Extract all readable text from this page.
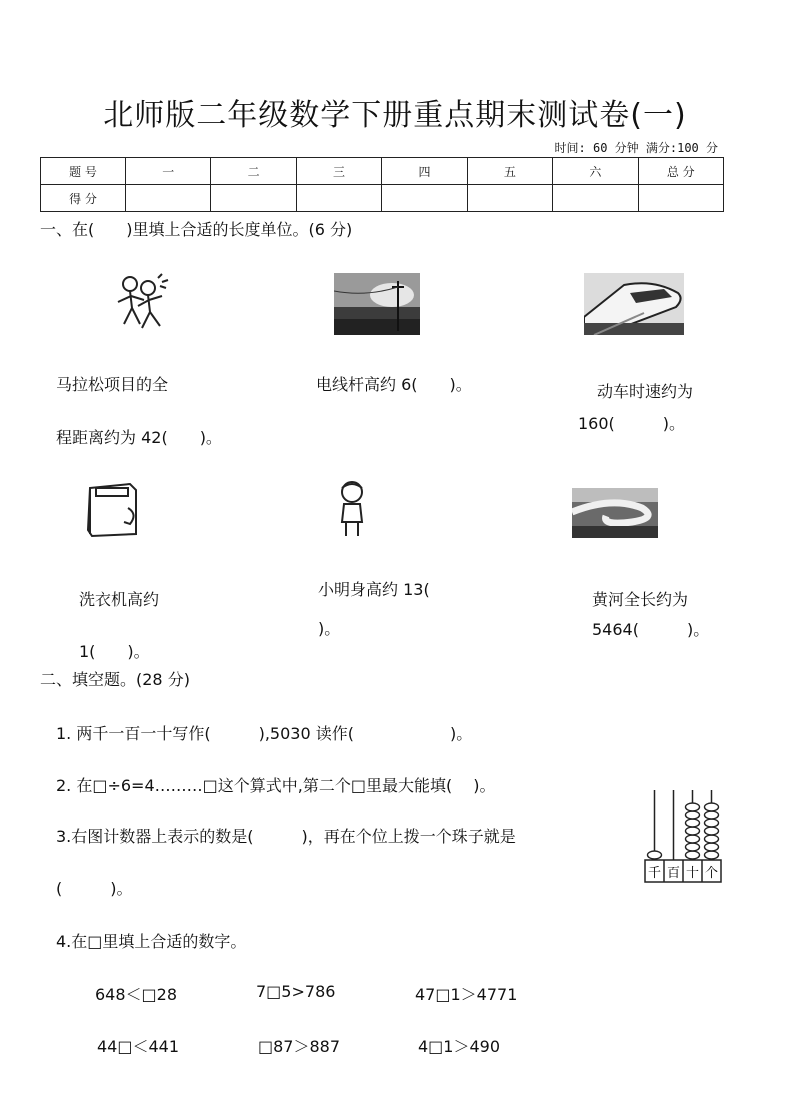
北师版二年级数学下册重点期末测试卷(一)
时间: 60 分钟 满分:100 分
题 号	一	二	三	四	五	六	总 分
得 分							
一、在(　　)里填上合适的长度单位。(6 分)
马拉松项目的全
程距离约为 42(　　)。
电线杆高约 6(　　)。	动车时速约为
160(　　　)。
洗衣机高约
1(　　)。
小明身高约 13(
)。
黄河全长约为
5464(　　　)。
二、填空题。(28 分)
1. 两千一百一十写作(　　　),5030 读作(　　　　　　)。
2. 在□÷6=4………□这个算式中,第二个□里最大能填(　 )。
3.右图计数器上表示的数是(　　　)，再在个位上拨一个珠子就是
(　　　)。
4.在□里填上合适的数字。
648＜□28	7□5>786	47□1＞4771
44□＜441	□87＞887	4□1＞490
千 百 十 个
